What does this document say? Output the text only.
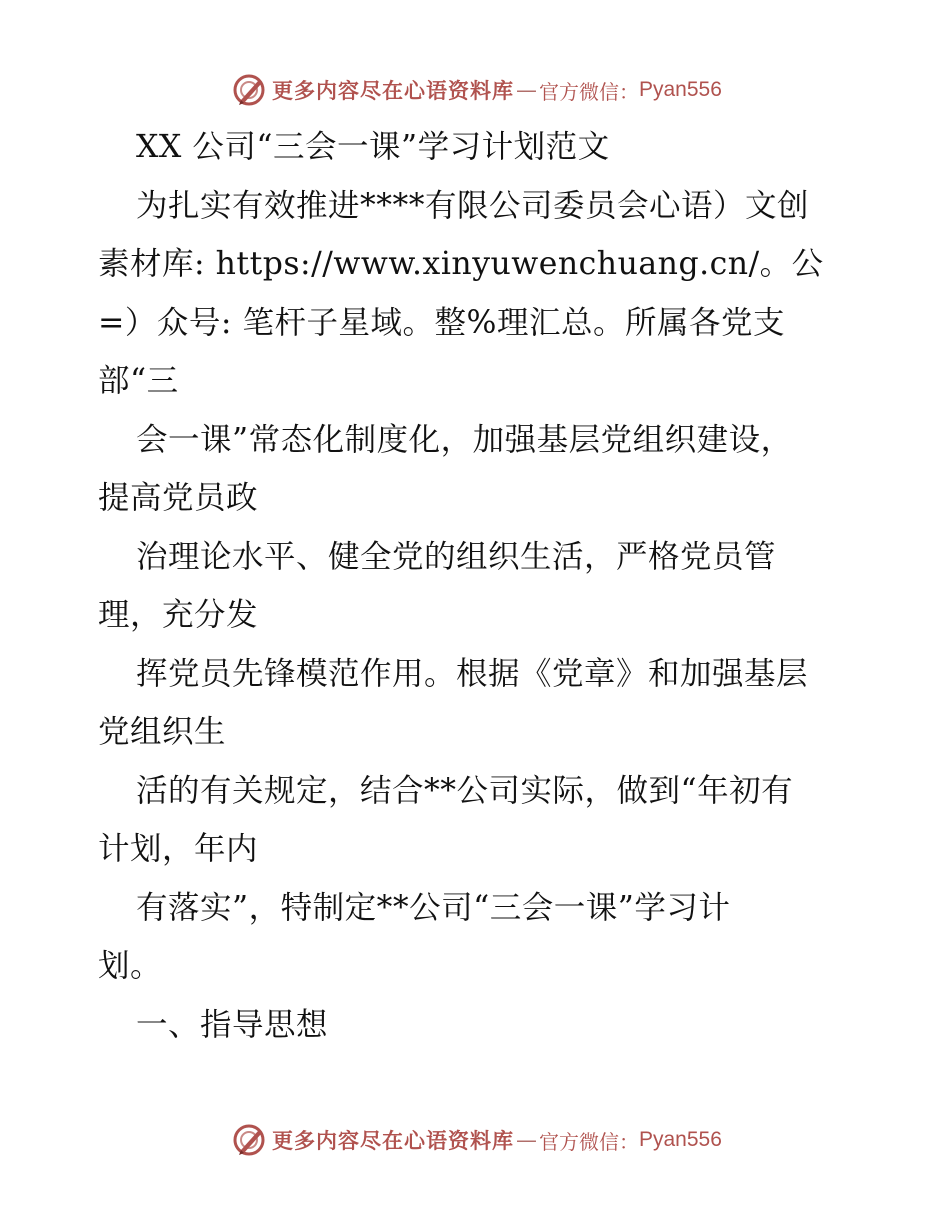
更多内容尽在心语资料库 — 官方微信： Pyan556
XX 公司“三会一课”学习计划范文
为扎实有效推进****有限公司委员会心语）文创
素材库: https://www.xinyuwenchuang.cn/。公
=）众号: 笔杆子星域。整%理汇总。所属各党支
部“三
会一课”常态化制度化，加强基层党组织建设，
提高党员政
治理论水平、健全党的组织生活，严格党员管
理，充分发
挥党员先锋模范作用。根据《党章》和加强基层
党组织生
活的有关规定，结合**公司实际，做到“年初有
计划，年内
有落实”，特制定**公司“三会一课”学习计
划。
一、指导思想
更多内容尽在心语资料库 — 官方微信： Pyan556
